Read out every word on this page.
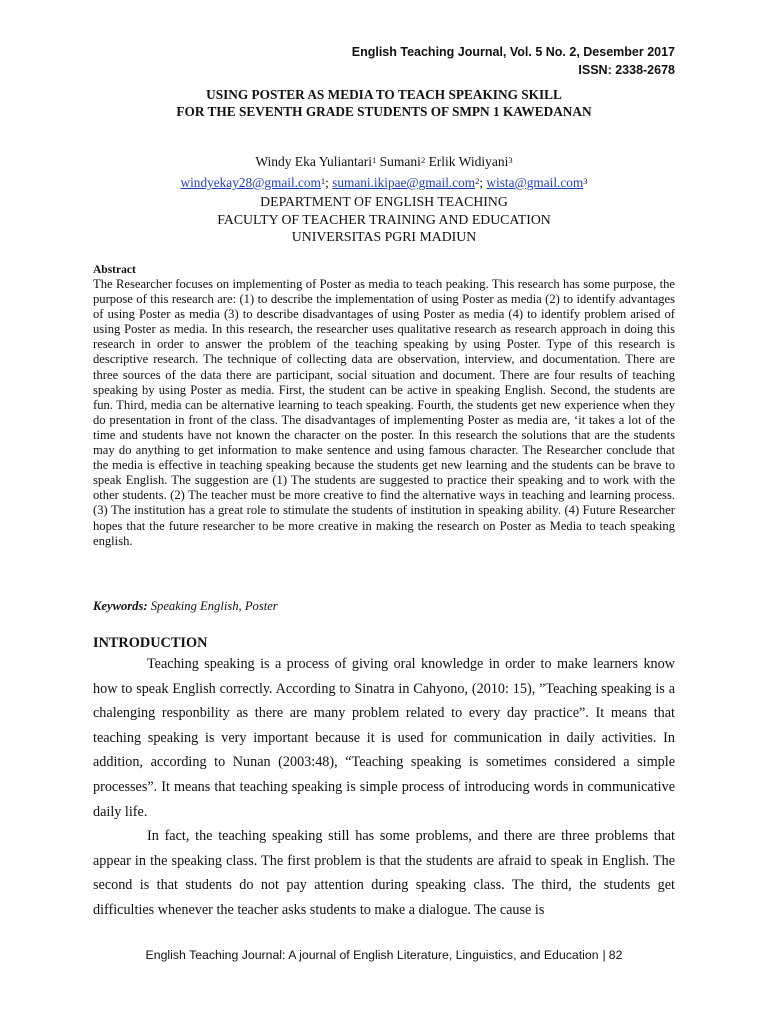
English Teaching Journal, Vol. 5 No. 2, Desember 2017
ISSN: 2338-2678
USING POSTER AS MEDIA TO TEACH SPEAKING SKILL
FOR THE SEVENTH GRADE STUDENTS OF SMPN 1 KAWEDANAN
Windy Eka Yuliantari$^1$ Sumani$^2$ Erlik Widiyani$^3$
windyekay28@gmail.com$^1$; sumani.ikipae@gmail.com$^2$; wista@gmail.com$^3$
DEPARTMENT OF ENGLISH TEACHING
FACULTY OF TEACHER TRAINING AND EDUCATION
UNIVERSITAS PGRI MADIUN
Abstract
The Researcher focuses on implementing of Poster as media to teach peaking. This research has some purpose, the purpose of this research are: (1) to describe the implementation of using Poster as media (2) to identify advantages of using Poster as media (3) to describe disadvantages of using Poster as media (4) to identify problem arised of using Poster as media. In this research, the researcher uses qualitative research as research approach in doing this research in order to answer the problem of the teaching speaking by using Poster. Type of this research is descriptive research. The technique of collecting data are observation, interview, and documentation. There are three sources of the data there are participant, social situation and document. There are four results of teaching speaking by using Poster as media. First, the student can be active in speaking English. Second, the students are fun. Third, media can be alternative learning to teach speaking. Fourth, the students get new experience when they do presentation in front of the class. The disadvantages of implementing Poster as media are, ‘it takes a lot of the time and students have not known the character on the poster. In this research the solutions that are the students may do anything to get information to make sentence and using famous character. The Researcher conclude that the media is effective in teaching speaking because the students get new learning and the students can be brave to speak English. The suggestion are (1) The students are suggested to practice their speaking and to work with the other students. (2) The teacher must be more creative to find the alternative ways in teaching and learning process. (3) The institution has a great role to stimulate the students of institution in speaking ability. (4) Future Researcher hopes that the future researcher to be more creative in making the research on Poster as Media to teach speaking english.
Keywords: Speaking English, Poster
INTRODUCTION

Teaching speaking is a process of giving oral knowledge in order to make learners know how to speak English correctly. According to Sinatra in Cahyono, (2010: 15), ”Teaching speaking is a chalenging responbility as there are many problem related to every day practice”. It means that teaching speaking is very important because it is used for communication in daily activities. In addition, according to Nunan (2003:48), “Teaching speaking is sometimes considered a simple processes”. It means that teaching speaking is simple process of introducing words in communicative daily life.

In fact, the teaching speaking still has some problems, and there are three problems that appear in the speaking class. The first problem is that the students are afraid to speak in English. The second is that students do not pay attention during speaking class. The third, the students get difficulties whenever the teacher asks students to make a dialogue. The cause is

English Teaching Journal: A journal of English Literature, Linguistics, and Education | 82
